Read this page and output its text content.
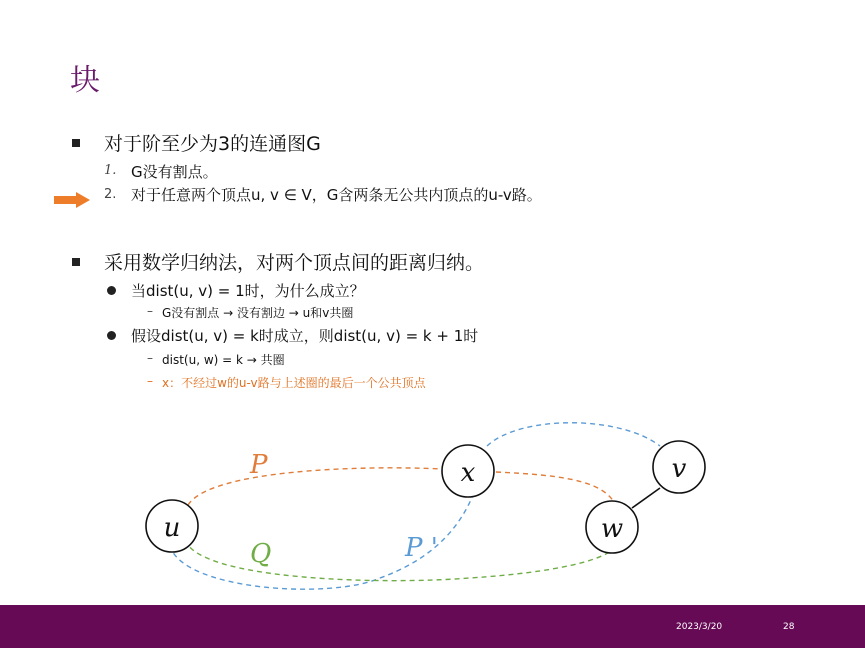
块
对于阶至少为3的连通图G
1. G没有割点。
2. 对于任意两个顶点u, v ∈ V，G含两条无公共内顶点的u-v路。
采用数学归纳法，对两个顶点间的距离归纳。
当dist(u, v) = 1时，为什么成立？
– G没有割点 → 没有割边 → u和v共圈
假设dist(u, v) = k时成立，则dist(u, v) = k + 1时
– dist(u, w) = k → 共圈
– x：不经过w的u-v路与上述圈的最后一个公共顶点
u
x	v
w
P
Q	P '
2023/3/20	28
